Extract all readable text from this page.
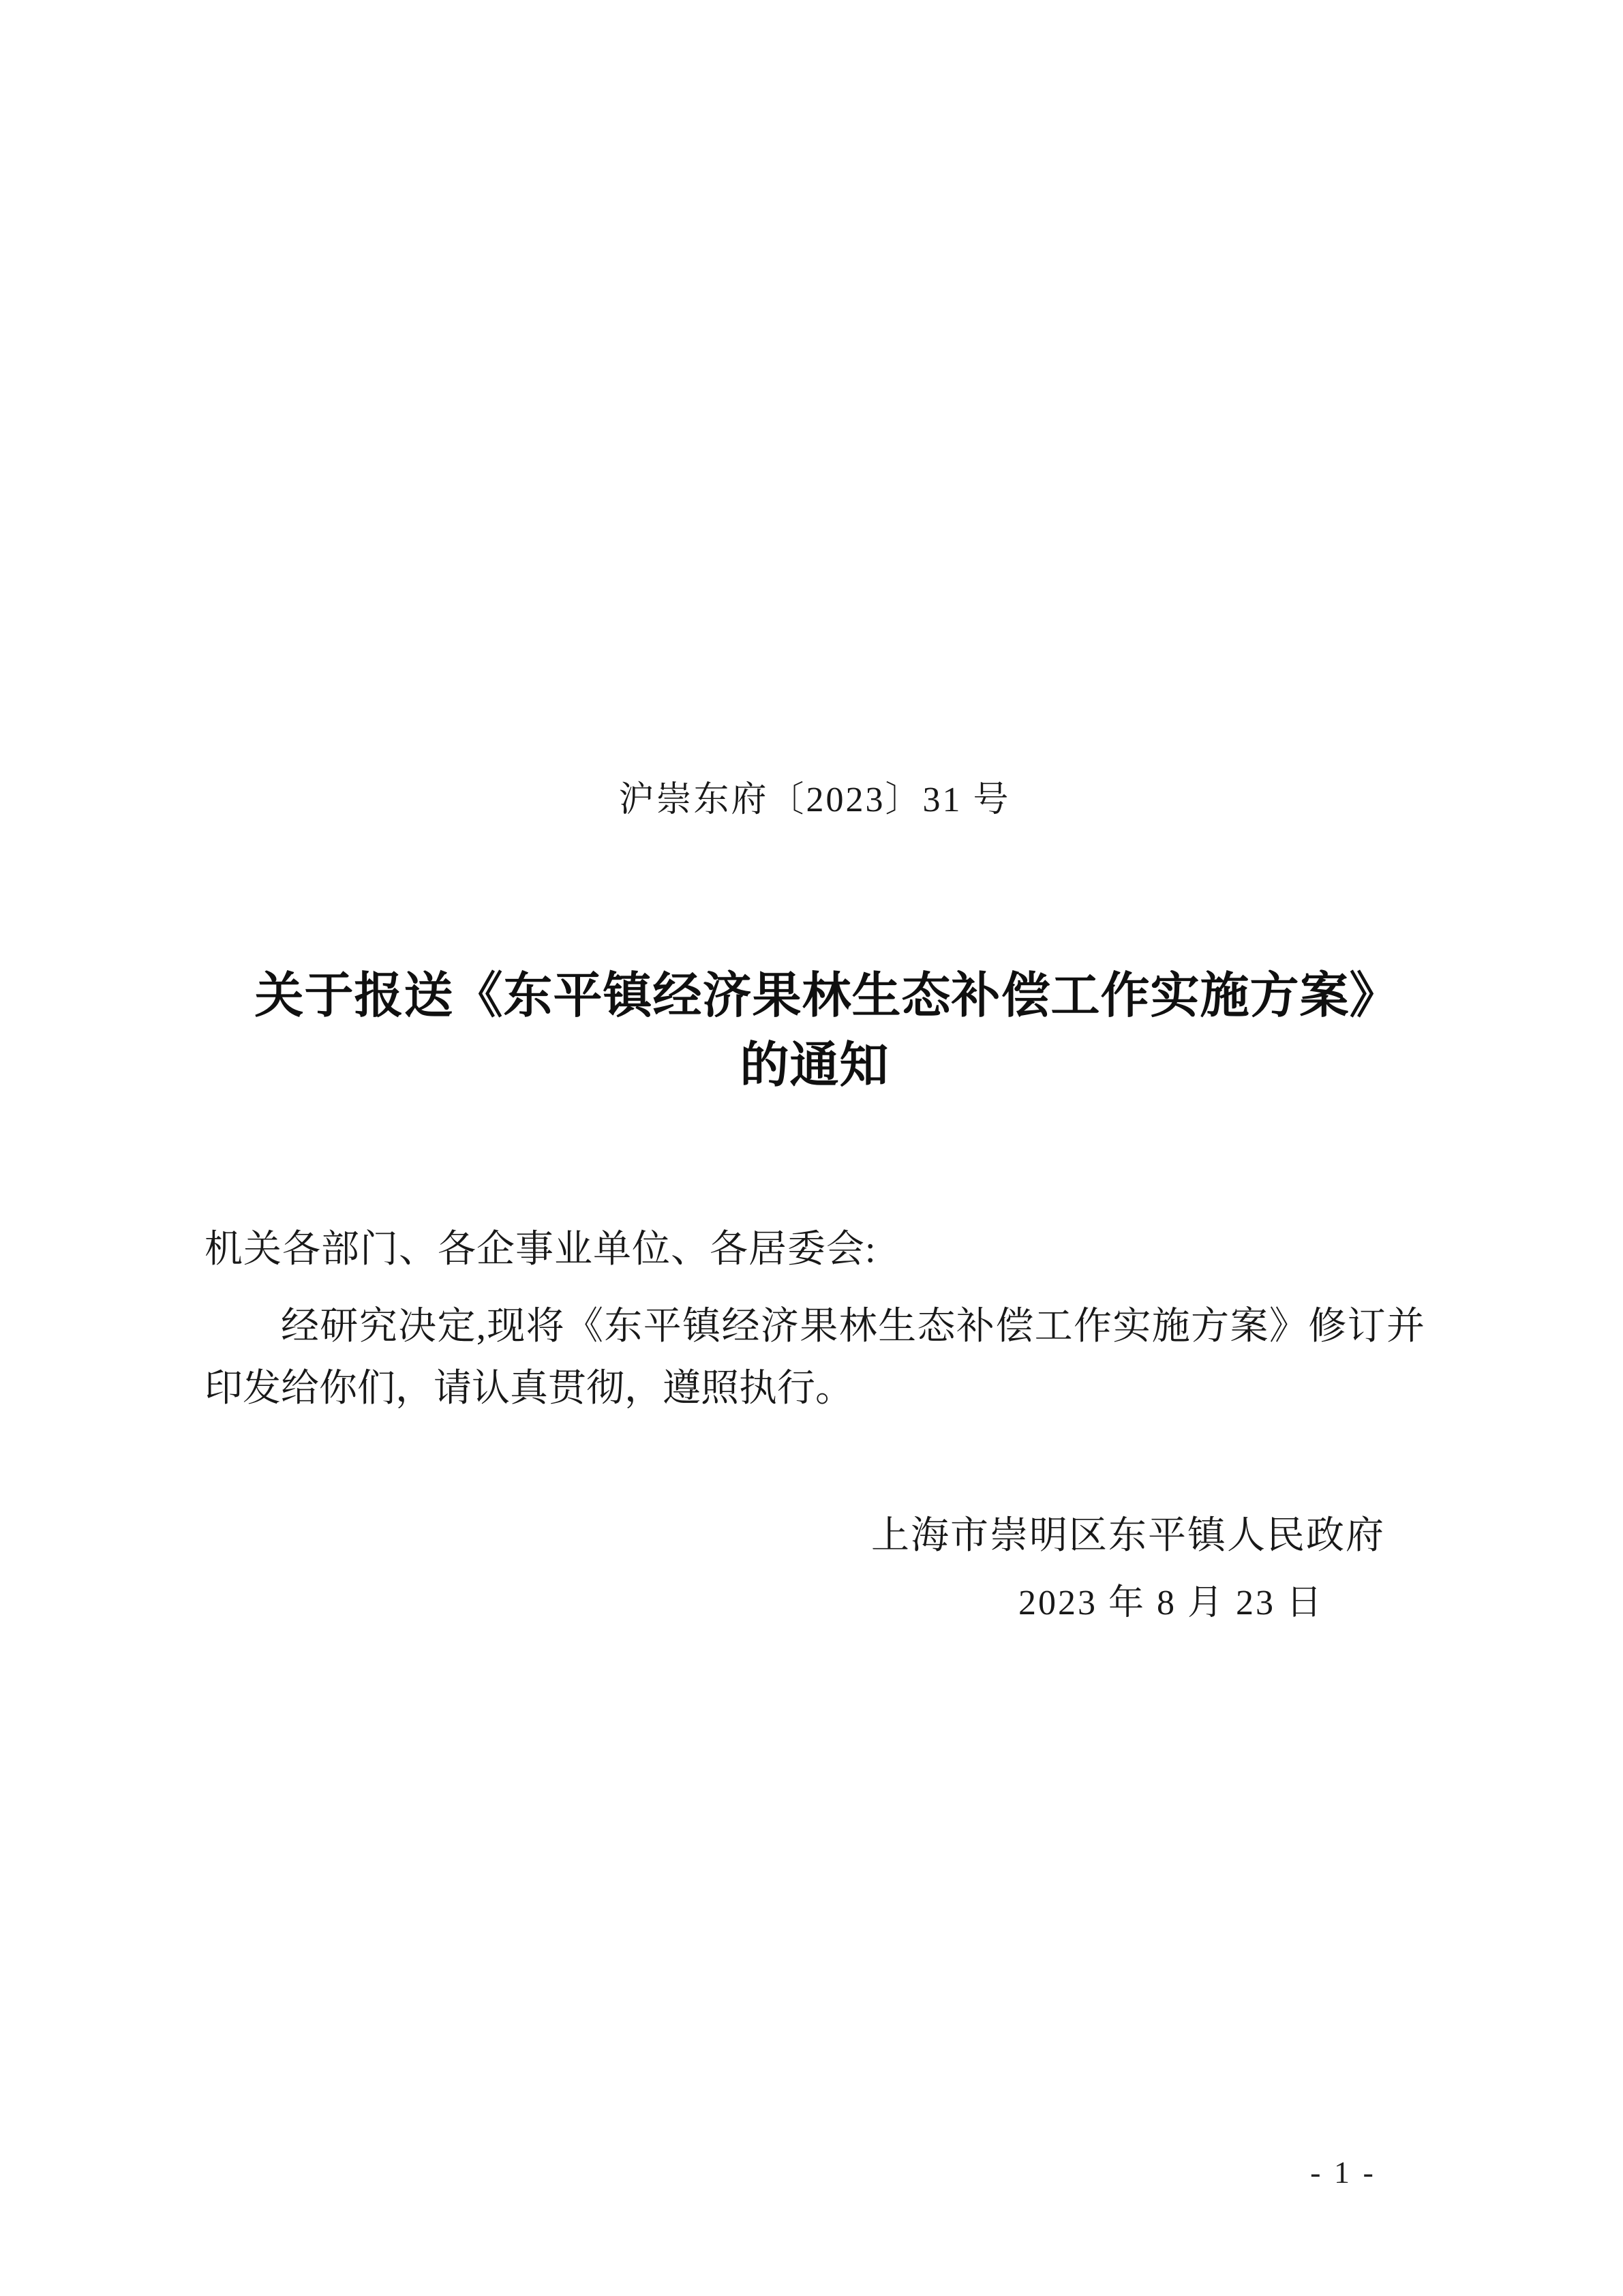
沪崇东府〔2023〕31 号
关于报送《东平镇经济果林生态补偿工作实施方案》的通知
机关各部门、各企事业单位、各居委会:
经研究决定,现将《东平镇经济果林生态补偿工作实施方案》修订并印发给你们，请认真贯彻，遵照执行。
上海市崇明区东平镇人民政府
2023 年 8 月 23 日
- 1 -
